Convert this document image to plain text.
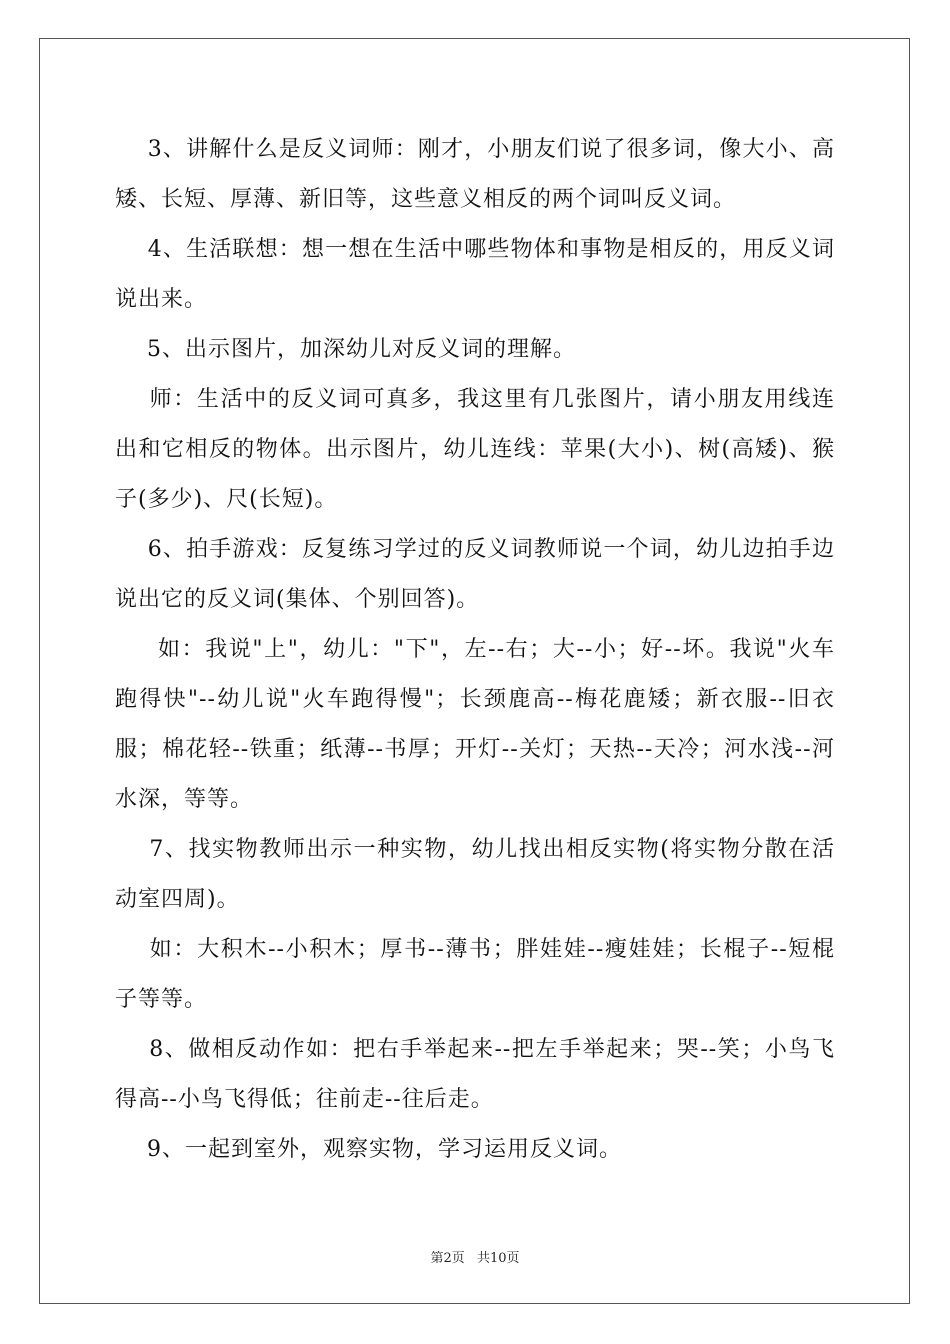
3、讲解什么是反义词师：刚才，小朋友们说了很多词，像大小、高矮、长短、厚薄、新旧等，这些意义相反的两个词叫反义词。

4、生活联想：想一想在生活中哪些物体和事物是相反的，用反义词说出来。

5、出示图片，加深幼儿对反义词的理解。

师：生活中的反义词可真多，我这里有几张图片，请小朋友用线连出和它相反的物体。出示图片，幼儿连线：苹果(大小)、树(高矮)、猴子(多少)、尺(长短)。

6、拍手游戏：反复练习学过的反义词教师说一个词，幼儿边拍手边说出它的反义词(集体、个别回答)。

如：我说"上"，幼儿："下"，左--右；大--小；好--坏。我说"火车跑得快"--幼儿说"火车跑得慢"；长颈鹿高--梅花鹿矮；新衣服--旧衣服；棉花轻--铁重；纸薄--书厚；开灯--关灯；天热--天冷；河水浅--河水深，等等。

7、找实物教师出示一种实物，幼儿找出相反实物(将实物分散在活动室四周)。

如：大积木--小积木；厚书--薄书；胖娃娃--瘦娃娃；长棍子--短棍子等等。

8、做相反动作如：把右手举起来--把左手举起来；哭--笑；小鸟飞得高--小鸟飞得低；往前走--往后走。

9、一起到室外，观察实物，学习运用反义词。

第2页 共10页
